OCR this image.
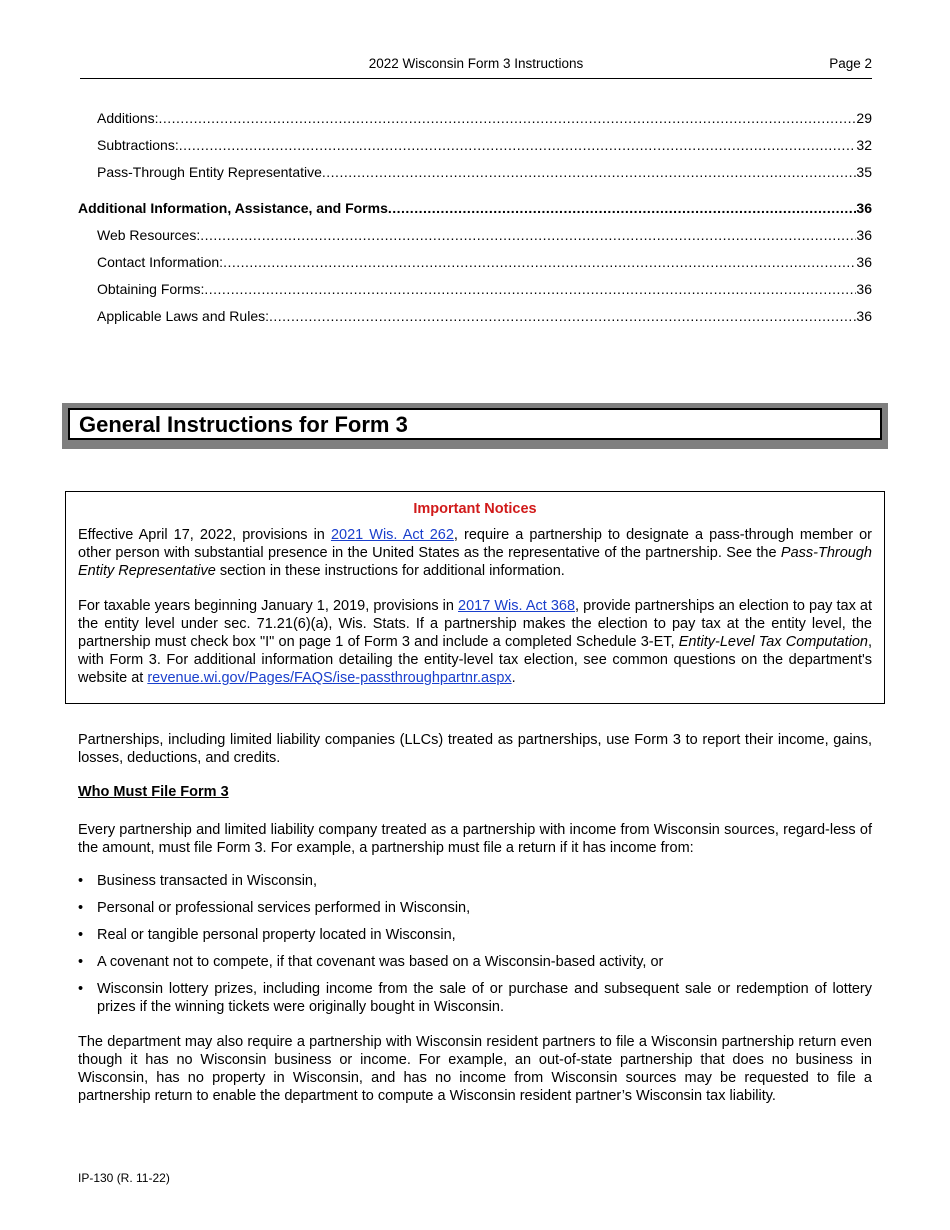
2022 Wisconsin Form 3 Instructions	Page 2
Additions: .....	29
Subtractions: .....	32
Pass-Through Entity Representative .....	35
Additional Information, Assistance, and Forms .....	36
Web Resources: .....	36
Contact Information: .....	36
Obtaining Forms: .....	36
Applicable Laws and Rules: .....	36
General Instructions for Form 3
Important Notices

Effective April 17, 2022, provisions in 2021 Wis. Act 262, require a partnership to designate a pass-through member or other person with substantial presence in the United States as the representative of the partnership. See the Pass-Through Entity Representative section in these instructions for additional information.

For taxable years beginning January 1, 2019, provisions in 2017 Wis. Act 368, provide partnerships an election to pay tax at the entity level under sec. 71.21(6)(a), Wis. Stats. If a partnership makes the election to pay tax at the entity level, the partnership must check box "I" on page 1 of Form 3 and include a completed Schedule 3-ET, Entity-Level Tax Computation, with Form 3. For additional information detailing the entity-level tax election, see common questions on the department's website at revenue.wi.gov/Pages/FAQS/ise-passthroughpartnr.aspx.

Partnerships, including limited liability companies (LLCs) treated as partnerships, use Form 3 to report their income, gains, losses, deductions, and credits.
Who Must File Form 3
Every partnership and limited liability company treated as a partnership with income from Wisconsin sources, regard-less of the amount, must file Form 3. For example, a partnership must file a return if it has income from:
• Business transacted in Wisconsin,
• Personal or professional services performed in Wisconsin,
• Real or tangible personal property located in Wisconsin,
• A covenant not to compete, if that covenant was based on a Wisconsin-based activity, or
• Wisconsin lottery prizes, including income from the sale of or purchase and subsequent sale or redemption of lottery prizes if the winning tickets were originally bought in Wisconsin.
The department may also require a partnership with Wisconsin resident partners to file a Wisconsin partnership return even though it has no Wisconsin business or income. For example, an out-of-state partnership that does no business in Wisconsin, has no property in Wisconsin, and has no income from Wisconsin sources may be requested to file a partnership return to enable the department to compute a Wisconsin resident partner’s Wisconsin tax liability.
IP-130 (R. 11-22)
